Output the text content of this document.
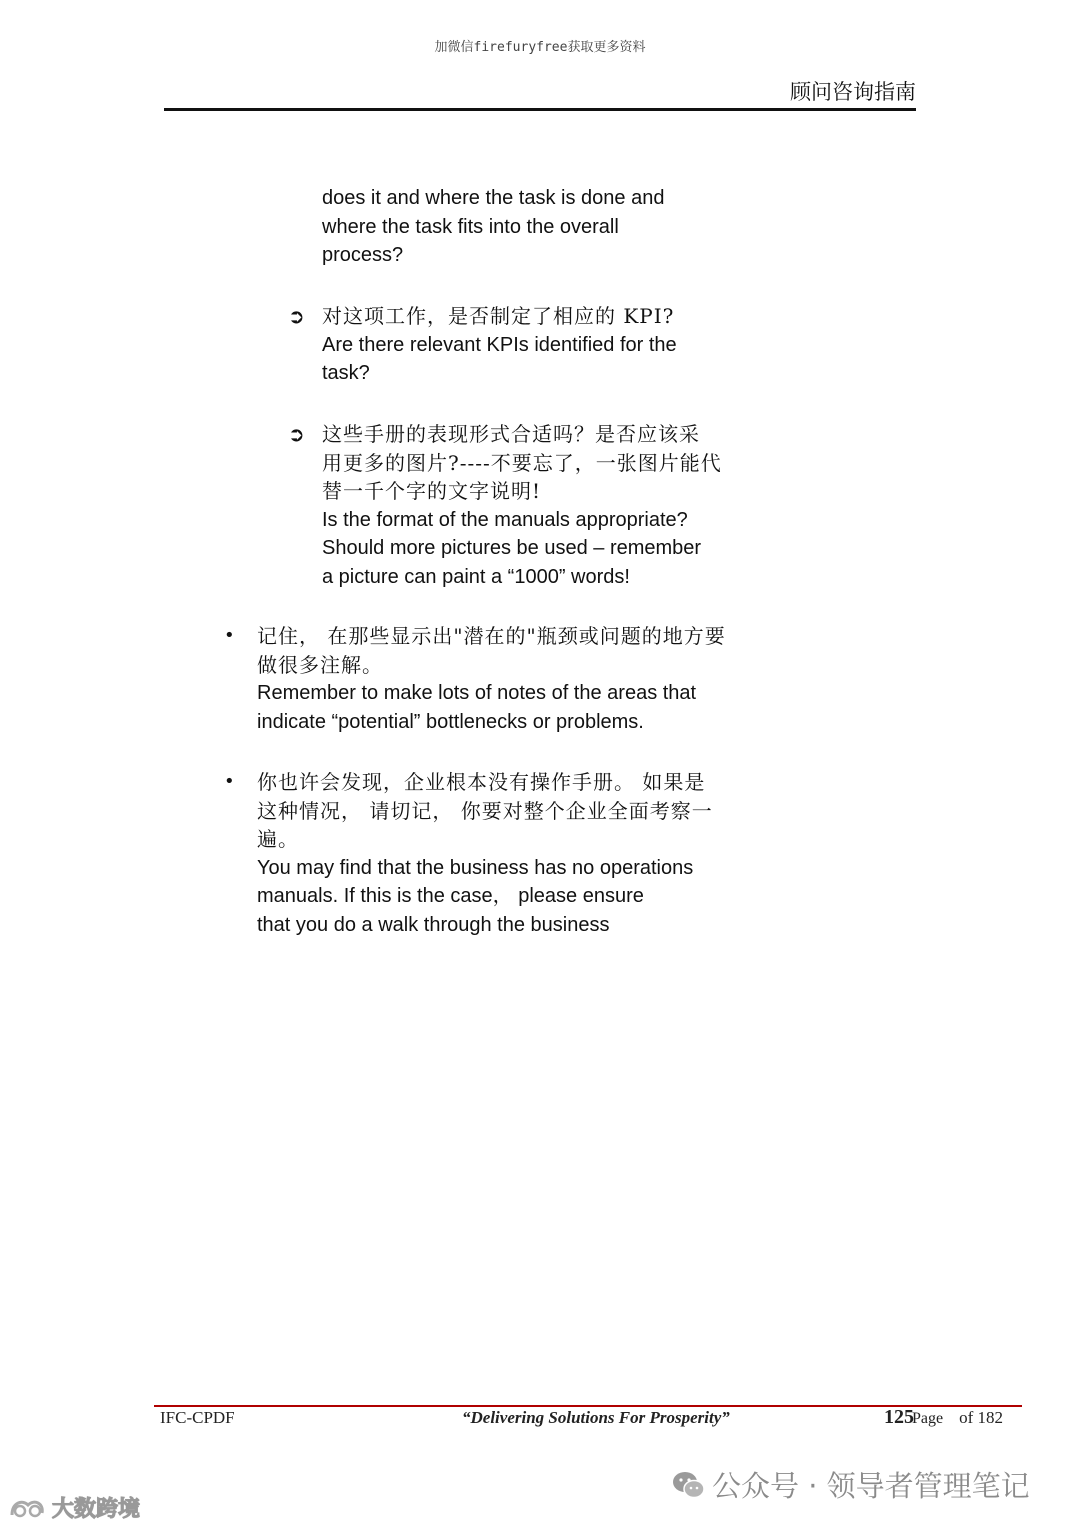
加微信firefuryfree获取更多资料
顾问咨询指南
does it and where the task is done and
where the task fits into the overall
process?
➲ 对这项工作，是否制定了相应的 KPI?
Are there relevant KPIs identified for the
task?
➲ 这些手册的表现形式合适吗？是否应该采
用更多的图片?----不要忘了，一张图片能代
替一千个字的文字说明!
Is the format of the manuals appropriate?
Should more pictures be used – remember
a picture can paint a “1000” words!
• 记住， 在那些显示出"潜在的"瓶颈或问题的地方要
做很多注解。
Remember to make lots of notes of the areas that
indicate “potential” bottlenecks or problems.
• 你也许会发现，企业根本没有操作手册。 如果是
这种情况， 请切记， 你要对整个企业全面考察一
遍。
You may find that the business has no operations
manuals. If this is the case， please ensure
that you do a walk through the business
IFC-CPDF	“Delivering Solutions For Prosperity”	125Page of 182
公众号 · 领导者管理笔记
大数跨境
